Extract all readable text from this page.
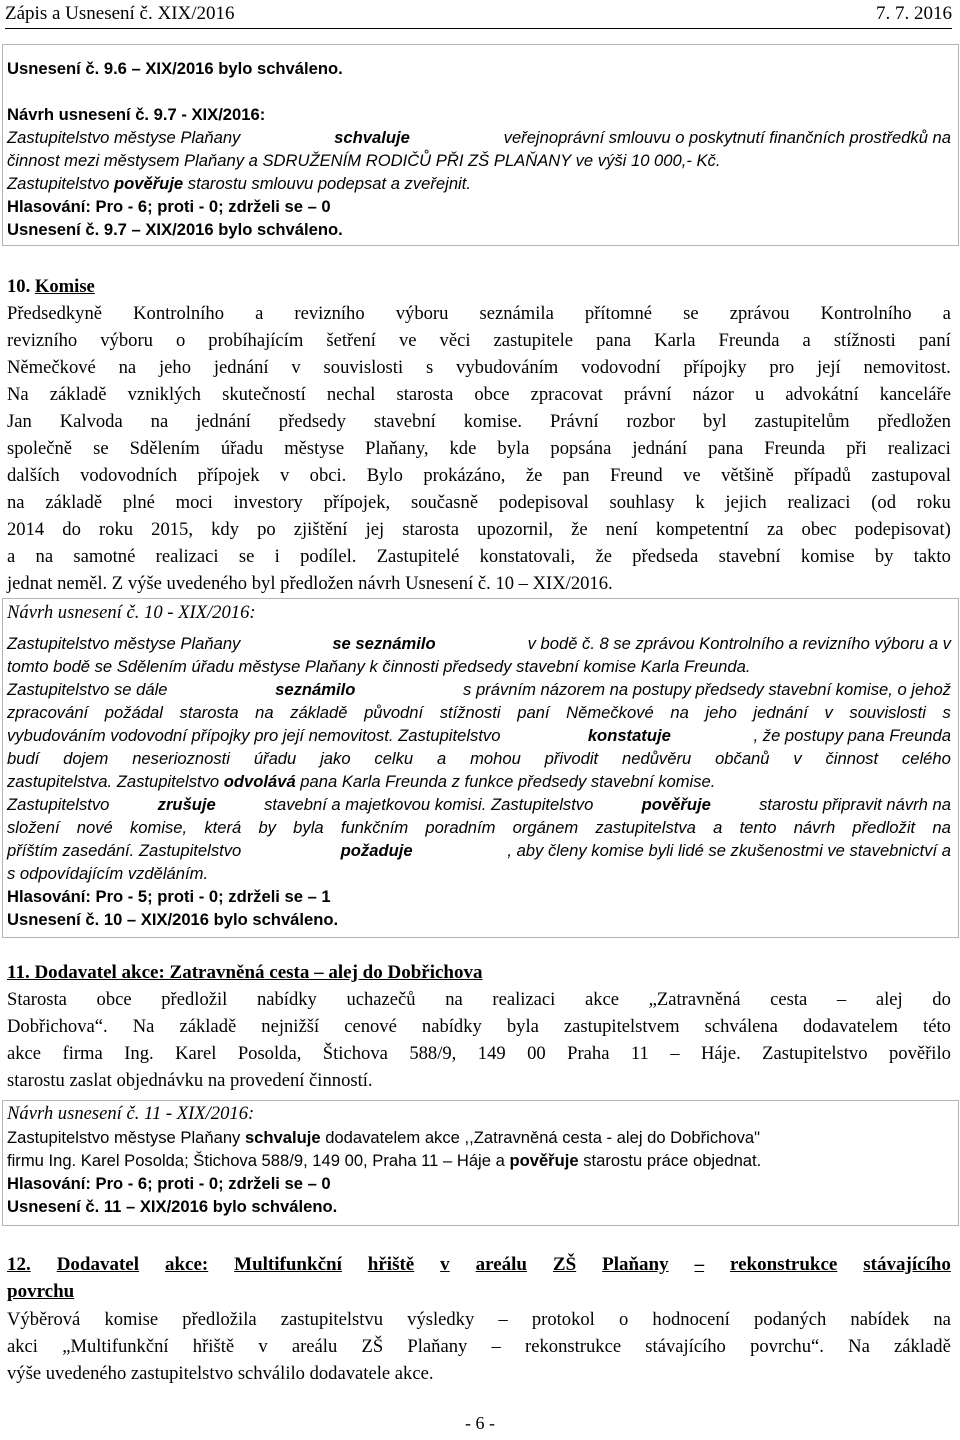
Zápis a Usnesení č. XIX/2016	7. 7. 2016
Usnesení č. 9.6 – XIX/2016 bylo schváleno.
Návrh usnesení č. 9.7 - XIX/2016:
Zastupitelstvo městyse Plaňany	schvaluje	veřejnoprávní smlouvu o poskytnutí finančních prostředků na
činnost mezi městysem Plaňany a SDRUŽENÍM RODIČŮ PŘI ZŠ PLAŇANY ve výši 10 000,- Kč.
Zastupitelstvo pověřuje starostu smlouvu podepsat a zveřejnit.
Hlasování: Pro - 6; proti - 0; zdrželi se – 0
Usnesení č. 9.7 – XIX/2016 bylo schváleno.
10. Komise
Předsedkyně Kontrolního a revizního výboru seznámila přítomné se zprávou Kontrolního a
revizního výboru o probíhajícím šetření ve věci zastupitele pana Karla Freunda a stížnosti paní
Němečkové na jeho jednání v souvislosti s vybudováním vodovodní přípojky pro její nemovitost.
Na základě vzniklých skutečností nechal starosta obce zpracovat právní názor u advokátní kanceláře
Jan Kalvoda na jednání předsedy stavební komise. Právní rozbor byl zastupitelům předložen
společně se Sdělením úřadu městyse Plaňany, kde byla popsána jednání pana Freunda při realizaci
dalších vodovodních přípojek v obci. Bylo prokázáno, že pan Freund ve většině případů zastupoval
na základě plné moci investory přípojek, současně podepisoval souhlasy k jejich realizaci (od roku
2014 do roku 2015, kdy po zjištění jej starosta upozornil, že není kompetentní za obec podepisovat)
a na samotné realizaci se i podílel. Zastupitelé konstatovali, že předseda stavební komise by takto
jednat neměl. Z výše uvedeného byl předložen návrh Usnesení č. 10 – XIX/2016.
Návrh usnesení č. 10 - XIX/2016:
Zastupitelstvo městyse Plaňany	se seznámilo	v bodě č. 8 se zprávou Kontrolního a revizního výboru a v
tomto bodě se Sdělením úřadu městyse Plaňany k činnosti předsedy stavební komise Karla Freunda.
Zastupitelstvo se dále	seznámilo	s právním názorem na postupy předsedy stavební komise, o jehož
zpracování požádal starosta na základě původní stížnosti paní Němečkové na jeho jednání v souvislosti s
vybudováním vodovodní přípojky pro její nemovitost. Zastupitelstvo	konstatuje	, že postupy pana Freunda
budí dojem neserioznosti úřadu jako celku a mohou přivodit nedůvěru občanů v činnost celého
zastupitelstva. Zastupitelstvo odvolává pana Karla Freunda z funkce předsedy stavební komise.
Zastupitelstvo	zrušuje	stavební a majetkovou komisi. Zastupitelstvo	pověřuje	starostu připravit návrh na
složení nové komise, která by byla funkčním poradním orgánem zastupitelstva a tento návrh předložit na
příštím zasedání. Zastupitelstvo	požaduje	, aby členy komise byli lidé se zkušenostmi ve stavebnictví a
s odpovídajícím vzděláním.
Hlasování: Pro - 5; proti - 0; zdrželi se – 1
Usnesení č. 10 – XIX/2016 bylo schváleno.
11. Dodavatel akce: Zatravněná cesta – alej do Dobřichova
Starosta obce předložil nabídky uchazečů na realizaci akce „Zatravněná cesta – alej do
Dobřichova“. Na základě nejnižší cenové nabídky byla zastupitelstvem schválena dodavatelem této
akce firma Ing. Karel Posolda, Štichova 588/9, 149 00 Praha 11 – Háje. Zastupitelstvo pověřilo
starostu zaslat objednávku na provedení činností.
Návrh usnesení č. 11 - XIX/2016:
Zastupitelstvo městyse Plaňany schvaluje dodavatelem akce ,,Zatravněná cesta - alej do Dobřichova"
firmu Ing. Karel Posolda; Štichova 588/9, 149 00, Praha 11 – Háje a pověřuje starostu práce objednat.
Hlasování: Pro - 6; proti - 0; zdrželi se – 0
Usnesení č. 11 – XIX/2016 bylo schváleno.
12. Dodavatel akce: Multifunkční hřiště v areálu ZŠ Plaňany – rekonstrukce stávajícího
povrchu
Výběrová komise předložila zastupitelstvu výsledky – protokol o hodnocení podaných nabídek na
akci „Multifunkční hřiště v areálu ZŠ Plaňany – rekonstrukce stávajícího povrchu“. Na základě
výše uvedeného zastupitelstvo schválilo dodavatele akce.
- 6 -
